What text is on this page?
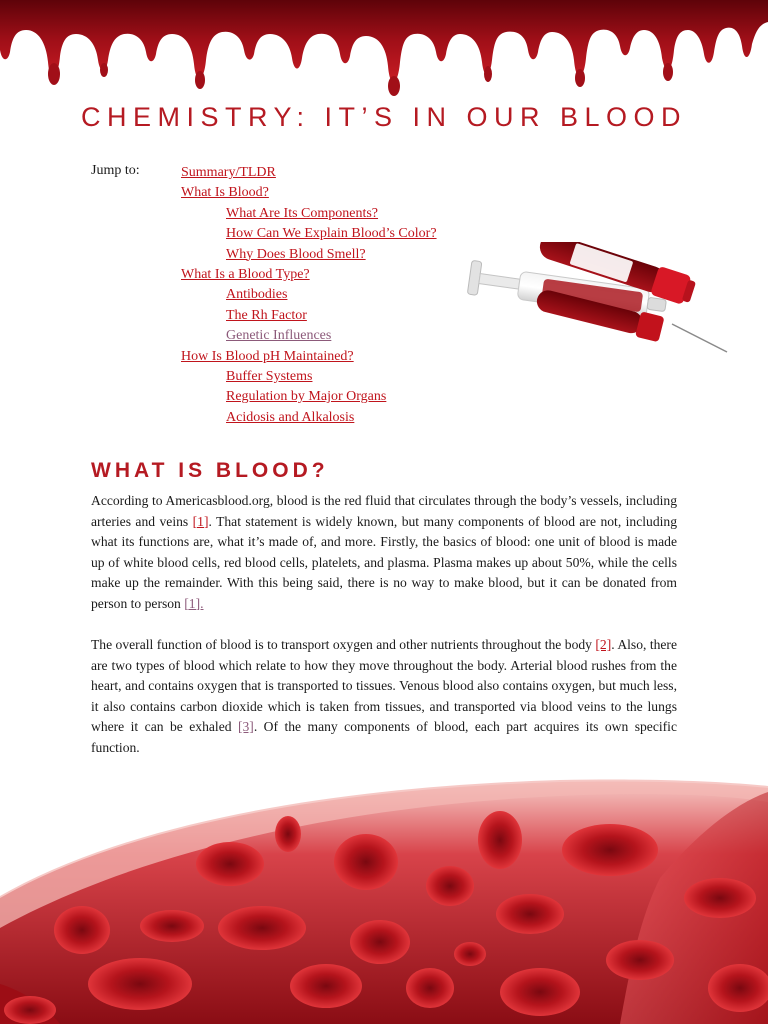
CHEMISTRY: IT’S IN OUR BLOOD

Jump to:	Summary/TLDR
What Is Blood?
What Are Its Components?
How Can We Explain Blood’s Color?
Why Does Blood Smell?
What Is a Blood Type?
Antibodies
The Rh Factor
Genetic Influences
How Is Blood pH Maintained?
Buffer Systems
Regulation by Major Organs
Acidosis and Alkalosis
WHAT IS BLOOD?

According to Americasblood.org, blood is the red fluid that circulates through the body’s vessels, including arteries and veins [1]. That statement is widely known, but many components of blood are not, including what its functions are, what it’s made of, and more. Firstly, the basics of blood: one unit of blood is made up of white blood cells, red blood cells, platelets, and plasma. Plasma makes up about 50%, while the cells make up the remainder. With this being said, there is no way to make blood, but it can be donated from person to person [1].

The overall function of blood is to transport oxygen and other nutrients throughout the body [2]. Also, there are two types of blood which relate to how they move throughout the body. Arterial blood rushes from the heart, and contains oxygen that is transported to tissues. Venous blood also contains oxygen, but much less, it also contains carbon dioxide which is taken from tissues, and transported via blood veins to the lungs where it can be exhaled [3]. Of the many components of blood, each part acquires its own specific function.
